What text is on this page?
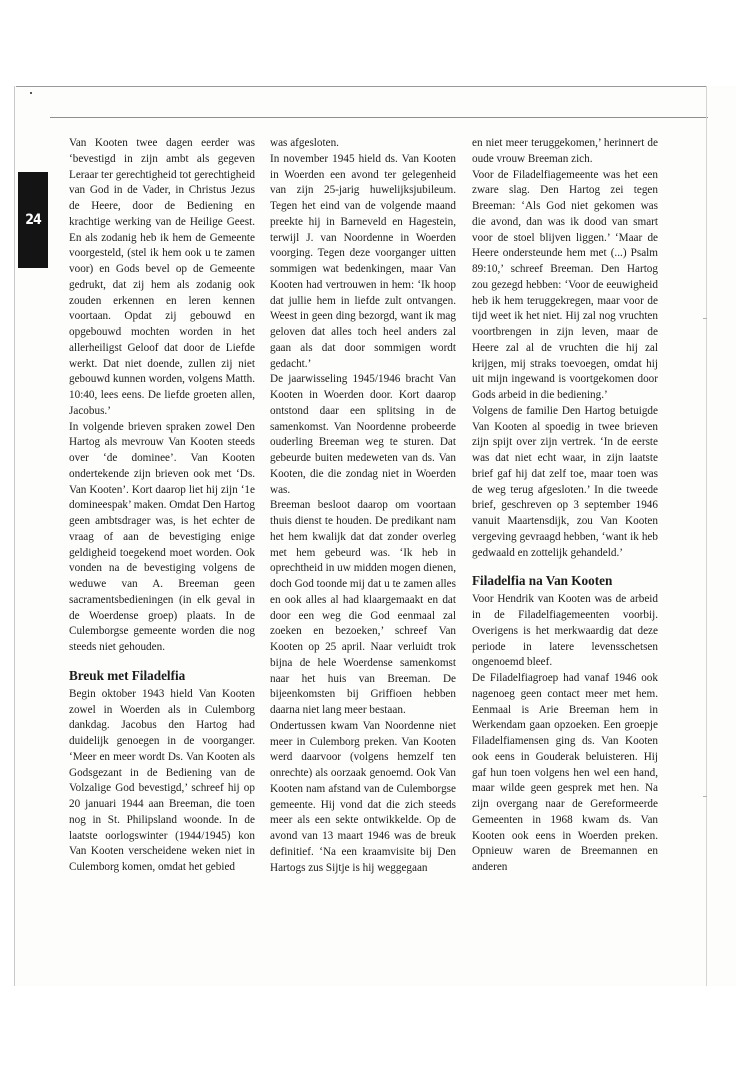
24

Van Kooten twee dagen eerder was ‘bevestigd in zijn ambt als gegeven Leraar ter gerechtigheid tot gerechtigheid van God in de Vader, in Christus Jezus de Heere, door de Bediening en krachtige werking van de Heilige Geest. En als zodanig heb ik hem de Gemeente voorgesteld, (stel ik hem ook u te zamen voor) en Gods bevel op de Gemeente gedrukt, dat zij hem als zodanig ook zouden erkennen en leren kennen voortaan. Opdat zij gebouwd en opgebouwd mochten worden in het allerheiligst Geloof dat door de Liefde werkt. Dat niet doende, zullen zij niet gebouwd kunnen worden, volgens Matth. 10:40, lees eens. De liefde groeten allen, Jacobus.’

In volgende brieven spraken zowel Den Hartog als mevrouw Van Kooten steeds over ‘de dominee’. Van Kooten ondertekende zijn brieven ook met ‘Ds. Van Kooten’. Kort daarop liet hij zijn ‘1e domineespak’ maken. Omdat Den Hartog geen ambtsdrager was, is het echter de vraag of aan de bevestiging enige geldigheid toegekend moet worden. Ook vonden na de bevestiging volgens de weduwe van A. Breeman geen sacramentsbedieningen (in elk geval in de Woerdense groep) plaats. In de Culemborgse gemeente worden die nog steeds niet gehouden.

Breuk met Filadelfia

Begin oktober 1943 hield Van Kooten zowel in Woerden als in Culemborg dankdag. Jacobus den Hartog had duidelijk genoegen in de voorganger. ‘Meer en meer wordt Ds. Van Kooten als Godsgezant in de Bediening van de Volzalige God bevestigd,’ schreef hij op 20 januari 1944 aan Breeman, die toen nog in St. Philipsland woonde. In de laatste oorlogswinter (1944/1945) kon Van Kooten verscheidene weken niet in Culemborg komen, omdat het gebied

was afgesloten.

In november 1945 hield ds. Van Kooten in Woerden een avond ter gelegenheid van zijn 25-jarig huwelijksjubileum. Tegen het eind van de volgende maand preekte hij in Barneveld en Hagestein, terwijl J. van Noordenne in Woerden voorging. Tegen deze voorganger uitten sommigen wat bedenkingen, maar Van Kooten had vertrouwen in hem: ‘Ik hoop dat jullie hem in liefde zult ontvangen. Weest in geen ding bezorgd, want ik mag geloven dat alles toch heel anders zal gaan als dat door sommigen wordt gedacht.’

De jaarwisseling 1945/1946 bracht Van Kooten in Woerden door. Kort daarop ontstond daar een splitsing in de samenkomst. Van Noordenne probeerde ouderling Breeman weg te sturen. Dat gebeurde buiten medeweten van ds. Van Kooten, die die zondag niet in Woerden was.

Breeman besloot daarop om voortaan thuis dienst te houden. De predikant nam het hem kwalijk dat dat zonder overleg met hem gebeurd was. ‘Ik heb in oprechtheid in uw midden mogen dienen, doch God toonde mij dat u te zamen alles en ook alles al had klaargemaakt en dat door een weg die God eenmaal zal zoeken en bezoeken,’ schreef Van Kooten op 25 april. Naar verluidt trok bijna de hele Woerdense samenkomst naar het huis van Breeman. De bijeenkomsten bij Griffioen hebben daarna niet lang meer bestaan.

Ondertussen kwam Van Noordenne niet meer in Culemborg preken. Van Kooten werd daarvoor (volgens hemzelf ten onrechte) als oorzaak genoemd. Ook Van Kooten nam afstand van de Culemborgse gemeente. Hij vond dat die zich steeds meer als een sekte ontwikkelde. Op de avond van 13 maart 1946 was de breuk definitief. ‘Na een kraamvisite bij Den Hartogs zus Sijtje is hij weggegaan

en niet meer teruggekomen,’ herinnert de oude vrouw Breeman zich.

Voor de Filadelfiagemeente was het een zware slag. Den Hartog zei tegen Breeman: ‘Als God niet gekomen was die avond, dan was ik dood van smart voor de stoel blijven liggen.’ ‘Maar de Heere ondersteunde hem met (...) Psalm 89:10,’ schreef Breeman. Den Hartog zou gezegd hebben: ‘Voor de eeuwigheid heb ik hem teruggekregen, maar voor de tijd weet ik het niet. Hij zal nog vruchten voortbrengen in zijn leven, maar de Heere zal al de vruchten die hij zal krijgen, mij straks toevoegen, omdat hij uit mijn ingewand is voortgekomen door Gods arbeid in die bediening.’

Volgens de familie Den Hartog betuigde Van Kooten al spoedig in twee brieven zijn spijt over zijn vertrek. ‘In de eerste was dat niet echt waar, in zijn laatste brief gaf hij dat zelf toe, maar toen was de weg terug afgesloten.’ In die tweede brief, geschreven op 3 september 1946 vanuit Maartensdijk, zou Van Kooten vergeving gevraagd hebben, ‘want ik heb gedwaald en zottelijk gehandeld.’

Filadelfia na Van Kooten

Voor Hendrik van Kooten was de arbeid in de Filadelfiagemeenten voorbij. Overigens is het merkwaardig dat deze periode in latere levensschetsen ongenoemd bleef.

De Filadelfiagroep had vanaf 1946 ook nagenoeg geen contact meer met hem. Eenmaal is Arie Breeman hem in Werkendam gaan opzoeken. Een groepje Filadelfiamensen ging ds. Van Kooten ook eens in Gouderak beluisteren. Hij gaf hun toen volgens hen wel een hand, maar wilde geen gesprek met hen. Na zijn overgang naar de Gereformeerde Gemeenten in 1968 kwam ds. Van Kooten ook eens in Woerden preken. Opnieuw waren de Breemannen en anderen
